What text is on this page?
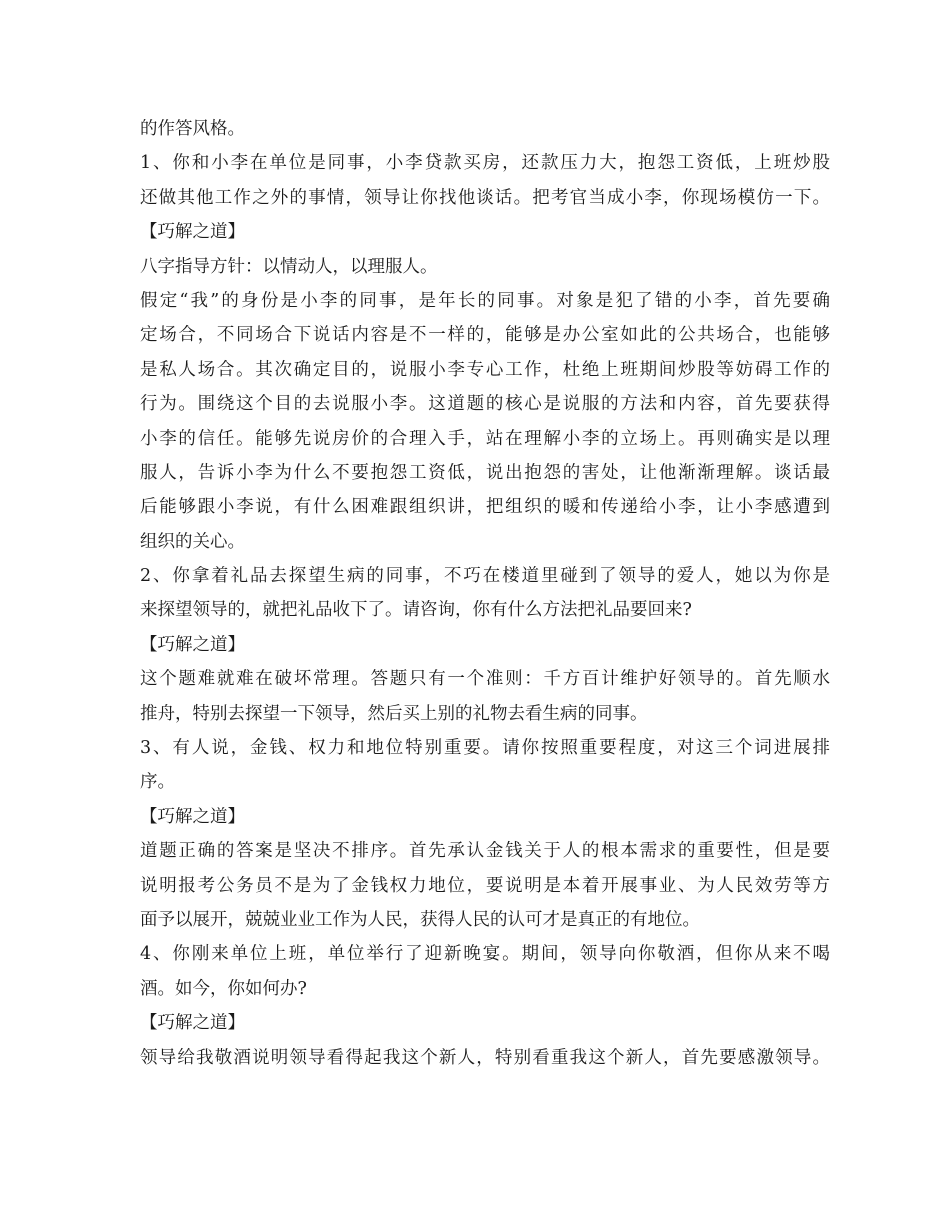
的作答风格。
1、你和小李在单位是同事，小李贷款买房，还款压力大，抱怨工资低，上班炒股
还做其他工作之外的事情，领导让你找他谈话。把考官当成小李，你现场模仿一下。
【巧解之道】
八字指导方针：以情动人，以理服人。
假定“我”的身份是小李的同事，是年长的同事。对象是犯了错的小李，首先要确
定场合，不同场合下说话内容是不一样的，能够是办公室如此的公共场合，也能够
是私人场合。其次确定目的，说服小李专心工作，杜绝上班期间炒股等妨碍工作的
行为。围绕这个目的去说服小李。这道题的核心是说服的方法和内容，首先要获得
小李的信任。能够先说房价的合理入手，站在理解小李的立场上。再则确实是以理
服人，告诉小李为什么不要抱怨工资低，说出抱怨的害处，让他渐渐理解。谈话最
后能够跟小李说，有什么困难跟组织讲，把组织的暖和传递给小李，让小李感遭到
组织的关心。
2、你拿着礼品去探望生病的同事，不巧在楼道里碰到了领导的爱人，她以为你是
来探望领导的，就把礼品收下了。请咨询，你有什么方法把礼品要回来?
【巧解之道】
这个题难就难在破坏常理。答题只有一个准则：千方百计维护好领导的。首先顺水
推舟，特别去探望一下领导，然后买上别的礼物去看生病的同事。
3、有人说，金钱、权力和地位特别重要。请你按照重要程度，对这三个词进展排
序。
【巧解之道】
道题正确的答案是坚决不排序。首先承认金钱关于人的根本需求的重要性，但是要
说明报考公务员不是为了金钱权力地位，要说明是本着开展事业、为人民效劳等方
面予以展开，兢兢业业工作为人民，获得人民的认可才是真正的有地位。
4、你刚来单位上班，单位举行了迎新晚宴。期间，领导向你敬酒，但你从来不喝
酒。如今，你如何办?
【巧解之道】
领导给我敬酒说明领导看得起我这个新人，特别看重我这个新人，首先要感激领导。
